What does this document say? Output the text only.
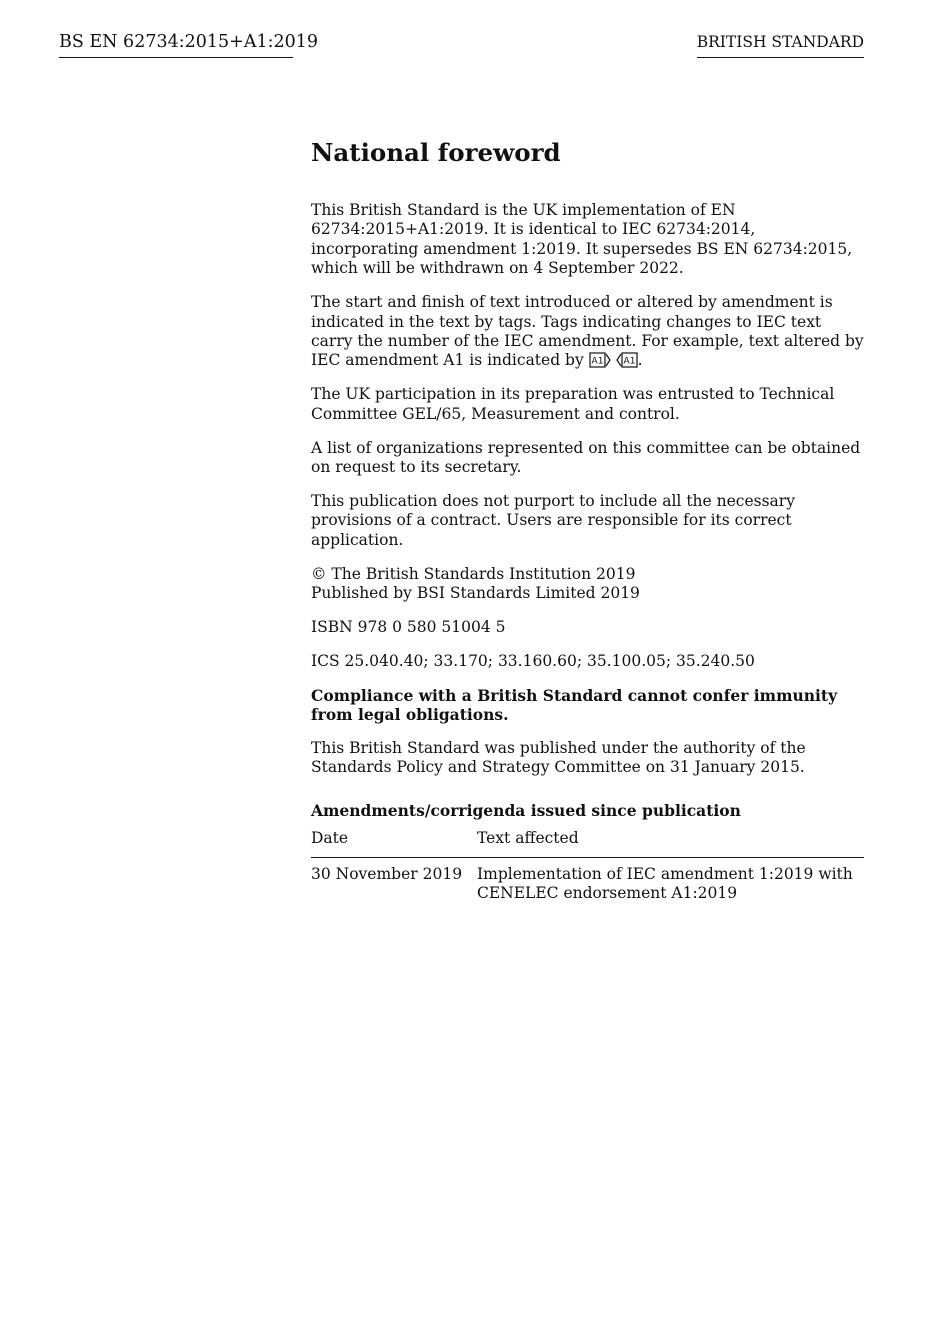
BS EN 62734:2015+A1:2019	BRITISH STANDARD
National foreword

This British Standard is the UK implementation of EN 62734:2015+A1:2019. It is identical to IEC 62734:2014, incorporating amendment 1:2019. It supersedes BS EN 62734:2015, which will be withdrawn on 4 September 2022.

The start and finish of text introduced or altered by amendment is indicated in the text by tags. Tags indicating changes to IEC text carry the number of the IEC amendment. For example, text altered by IEC amendment A1 is indicated by A1
A1 .

The UK participation in its preparation was entrusted to Technical Committee GEL/65, Measurement and control.

A list of organizations represented on this committee can be obtained on request to its secretary.

This publication does not purport to include all the necessary provisions of a contract. Users are responsible for its correct application.

© The British Standards Institution 2019
Published by BSI Standards Limited 2019

ISBN 978 0 580 51004 5

ICS 25.040.40; 33.170; 33.160.60; 35.100.05; 35.240.50

Compliance with a British Standard cannot confer immunity from legal obligations.

This British Standard was published under the authority of the Standards Policy and Strategy Committee on 31 January 2015.

Amendments/corrigenda issued since publication
Date	Text affected
30 November 2019	Implementation of IEC amendment 1:2019 with CENELEC endorsement A1:2019
